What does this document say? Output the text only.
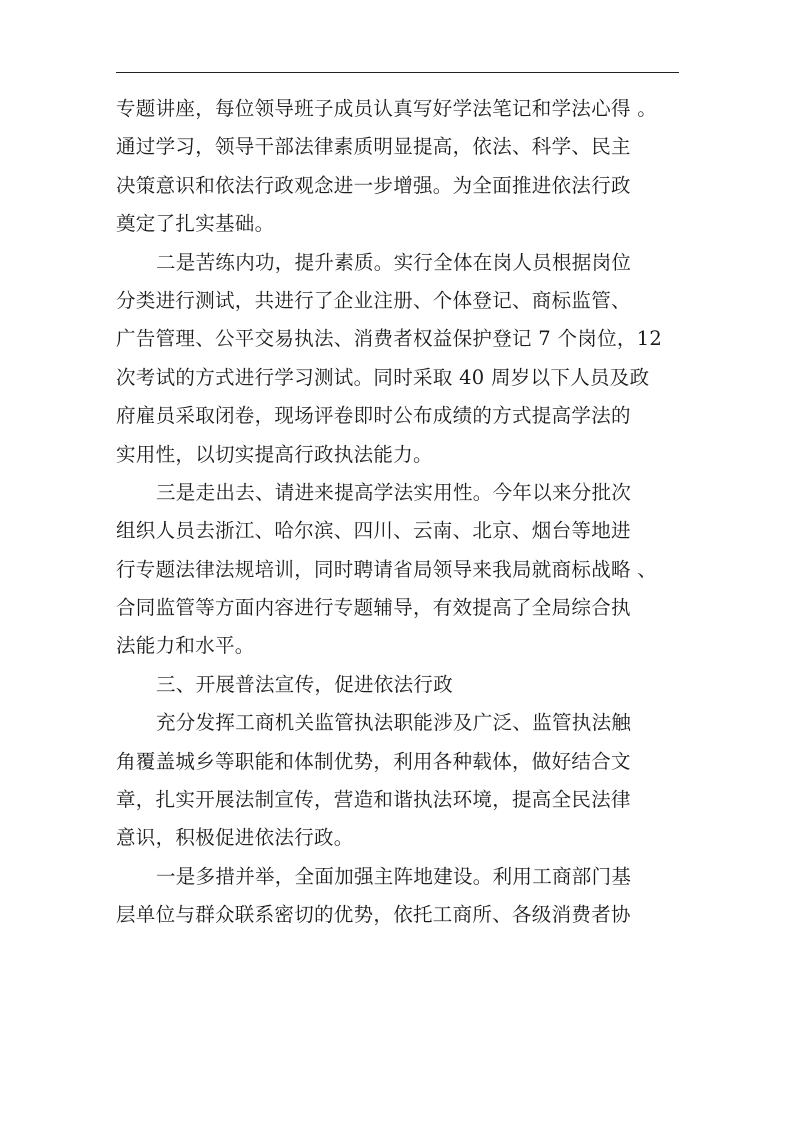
专题讲座，每位领导班子成员认真写好学法笔记和学法心得 。
通过学习，领导干部法律素质明显提高，依法、科学、民主
决策意识和依法行政观念进一步增强。为全面推进依法行政
奠定了扎实基础。
二是苦练内功，提升素质。实行全体在岗人员根据岗位
分类进行测试，共进行了企业注册、个体登记、商标监管、
广告管理、公平交易执法、消费者权益保护登记 7 个岗位，12
次考试的方式进行学习测试。同时采取 40 周岁以下人员及政
府雇员采取闭卷，现场评卷即时公布成绩的方式提高学法的
实用性，以切实提高行政执法能力。
三是走出去、请进来提高学法实用性。今年以来分批次
组织人员去浙江、哈尔滨、四川、云南、北京、烟台等地进
行专题法律法规培训，同时聘请省局领导来我局就商标战略 、
合同监管等方面内容进行专题辅导，有效提高了全局综合执
法能力和水平。
三、开展普法宣传，促进依法行政
充分发挥工商机关监管执法职能涉及广泛、监管执法触
角覆盖城乡等职能和体制优势，利用各种载体，做好结合文
章，扎实开展法制宣传，营造和谐执法环境，提高全民法律
意识，积极促进依法行政。
一是多措并举，全面加强主阵地建设。利用工商部门基
层单位与群众联系密切的优势，依托工商所、各级消费者协
